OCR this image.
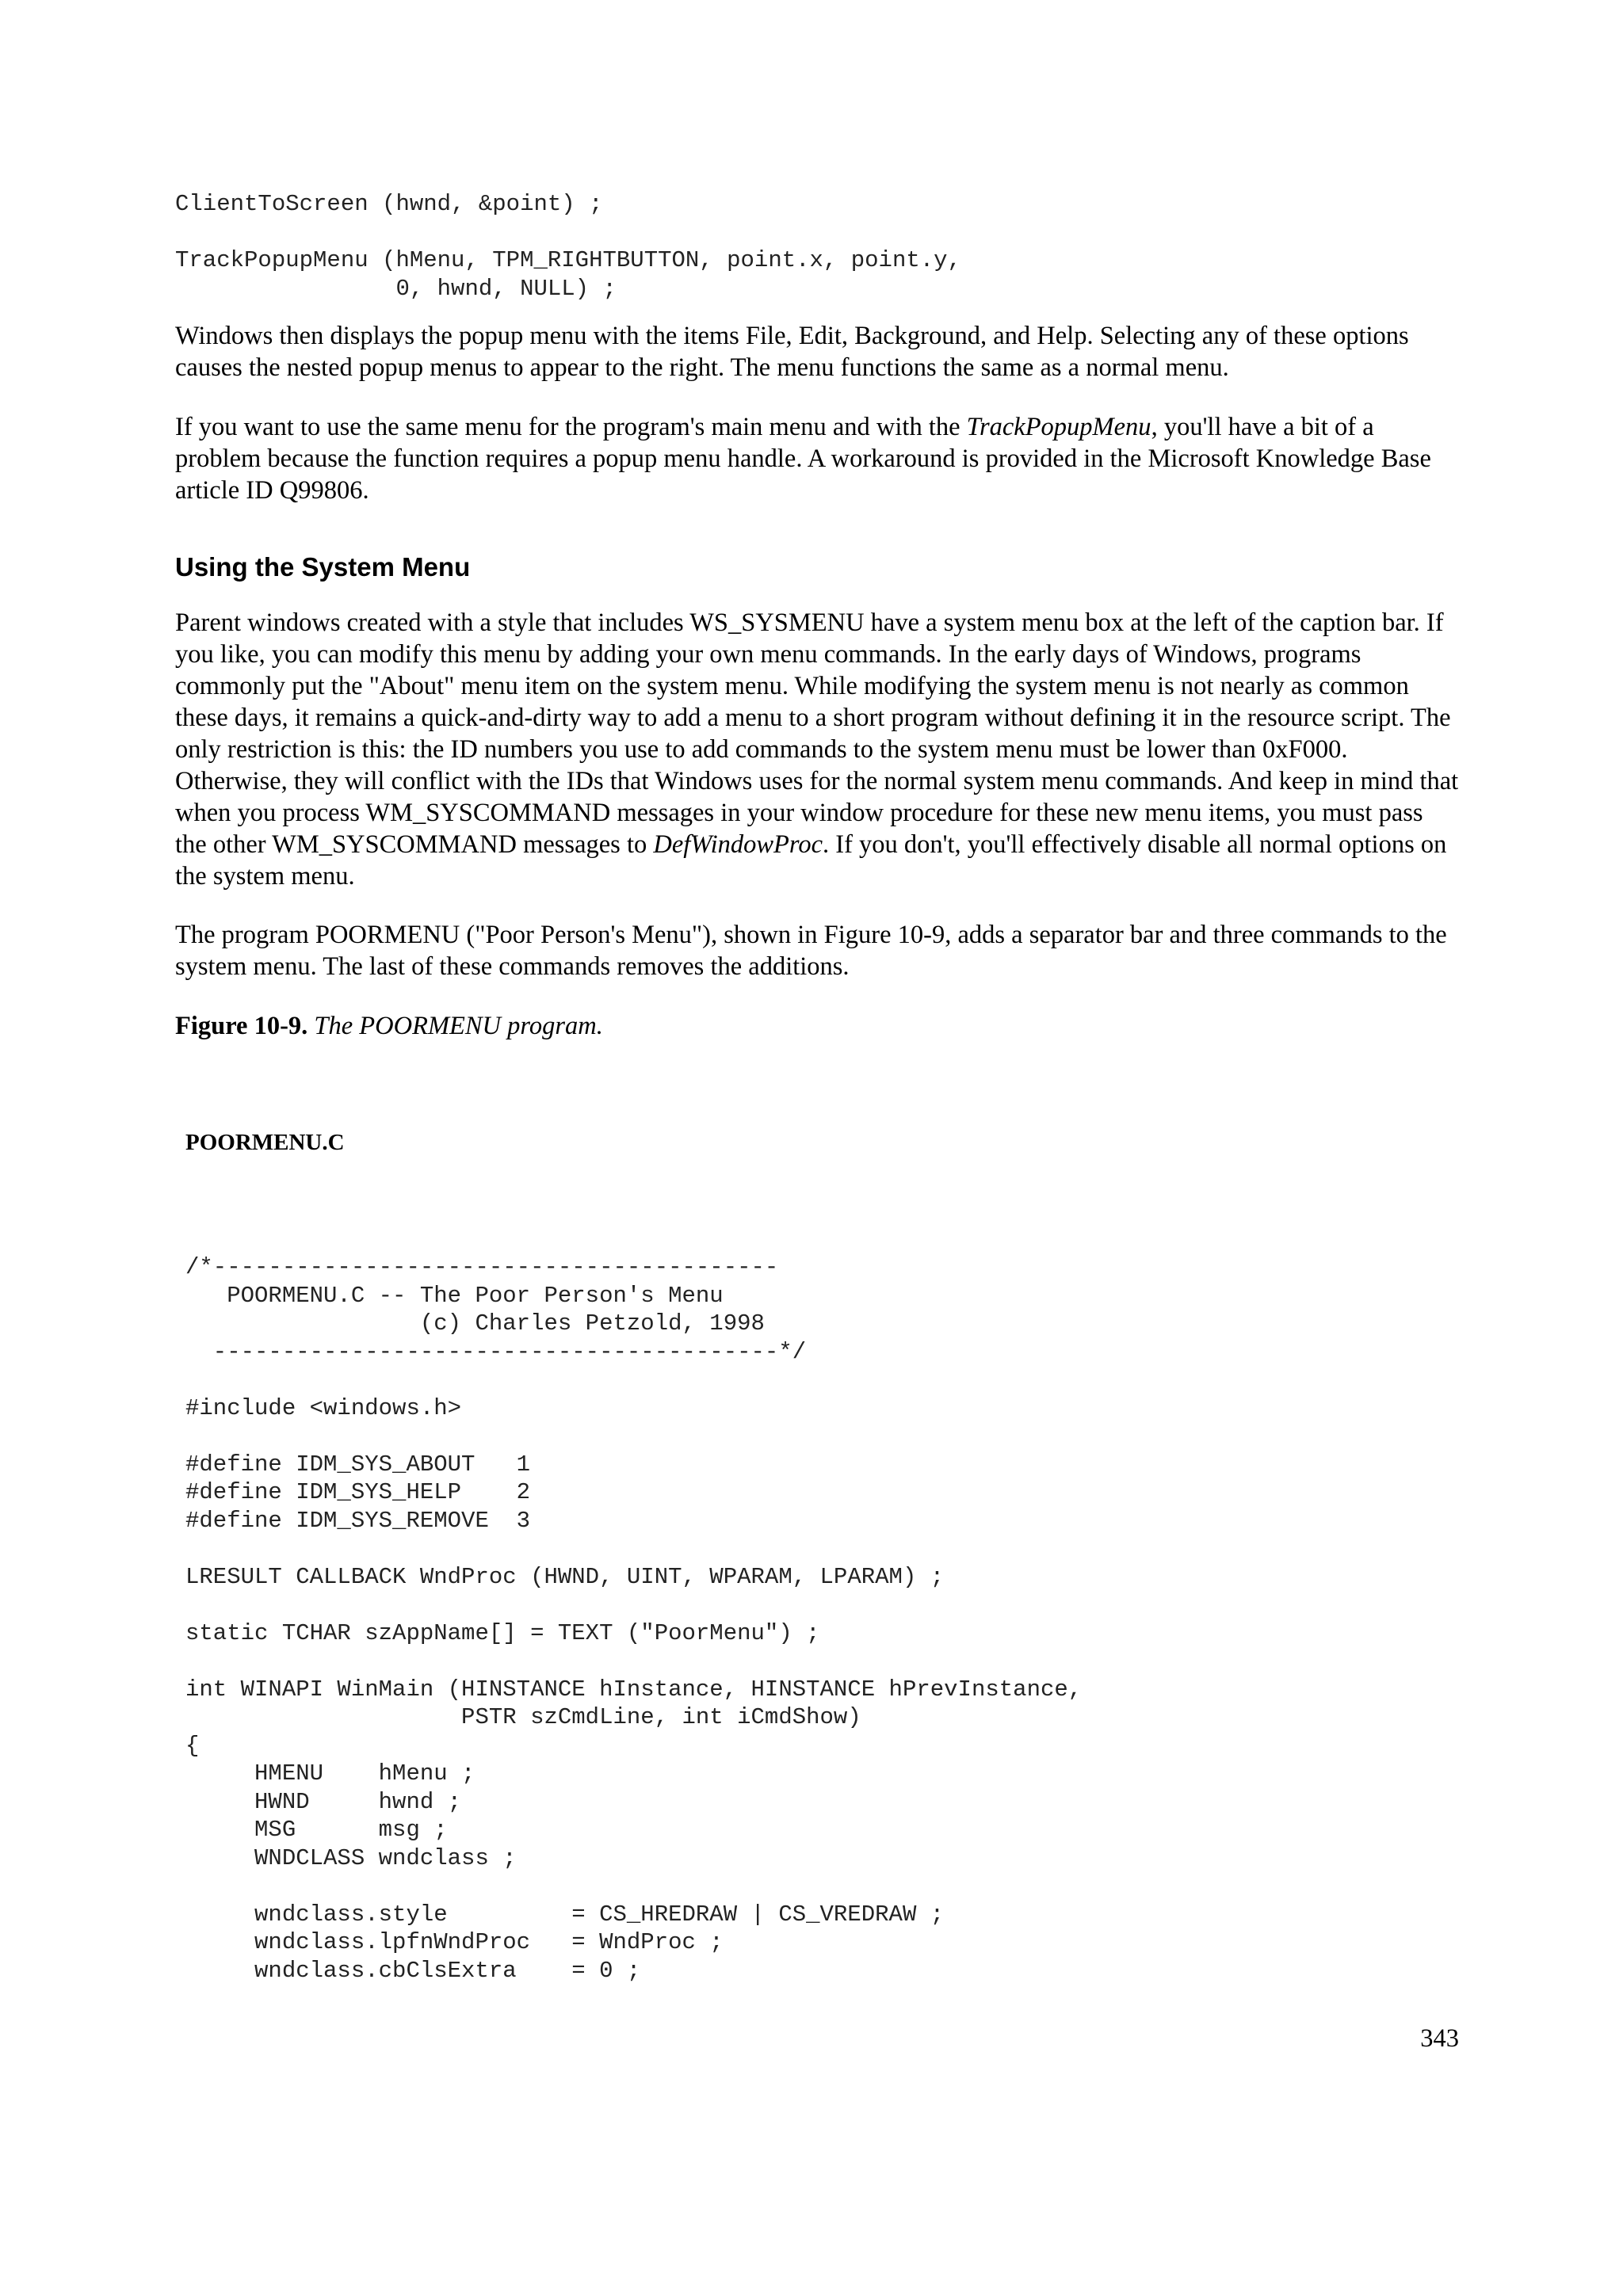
ClientToScreen (hwnd, &point) ;

TrackPopupMenu (hMenu, TPM_RIGHTBUTTON, point.x, point.y,
0, hwnd, NULL) ;

Windows then displays the popup menu with the items File, Edit, Background, and Help. Selecting any of these options causes the nested popup menus to appear to the right. The menu functions the same as a normal menu.

If you want to use the same menu for the program's main menu and with the TrackPopupMenu, you'll have a bit of a problem because the function requires a popup menu handle. A workaround is provided in the Microsoft Knowledge Base article ID Q99806.

Using the System Menu

Parent windows created with a style that includes WS_SYSMENU have a system menu box at the left of the caption bar. If you like, you can modify this menu by adding your own menu commands. In the early days of Windows, programs commonly put the "About" menu item on the system menu. While modifying the system menu is not nearly as common these days, it remains a quick-and-dirty way to add a menu to a short program without defining it in the resource script. The only restriction is this: the ID numbers you use to add commands to the system menu must be lower than 0xF000. Otherwise, they will conflict with the IDs that Windows uses for the normal system menu commands. And keep in mind that when you process WM_SYSCOMMAND messages in your window procedure for these new menu items, you must pass the other WM_SYSCOMMAND messages to DefWindowProc. If you don't, you'll effectively disable all normal options on the system menu.

The program POORMENU ("Poor Person's Menu"), shown in Figure 10-9, adds a separator bar and three commands to the system menu. The last of these commands removes the additions.

Figure 10-9. The POORMENU program.

POORMENU.C

/*-----------------------------------------
POORMENU.C -- The Poor Person's Menu
(c) Charles Petzold, 1998
-----------------------------------------*/

#include <windows.h>

#define IDM_SYS_ABOUT   1
#define IDM_SYS_HELP    2
#define IDM_SYS_REMOVE  3

LRESULT CALLBACK WndProc (HWND, UINT, WPARAM, LPARAM) ;

static TCHAR szAppName[] = TEXT ("PoorMenu") ;

int WINAPI WinMain (HINSTANCE hInstance, HINSTANCE hPrevInstance,
PSTR szCmdLine, int iCmdShow)
{
HMENU    hMenu ;
HWND     hwnd ;
MSG      msg ;
WNDCLASS wndclass ;

wndclass.style         = CS_HREDRAW | CS_VREDRAW ;
wndclass.lpfnWndProc   = WndProc ;
wndclass.cbClsExtra    = 0 ;

343
